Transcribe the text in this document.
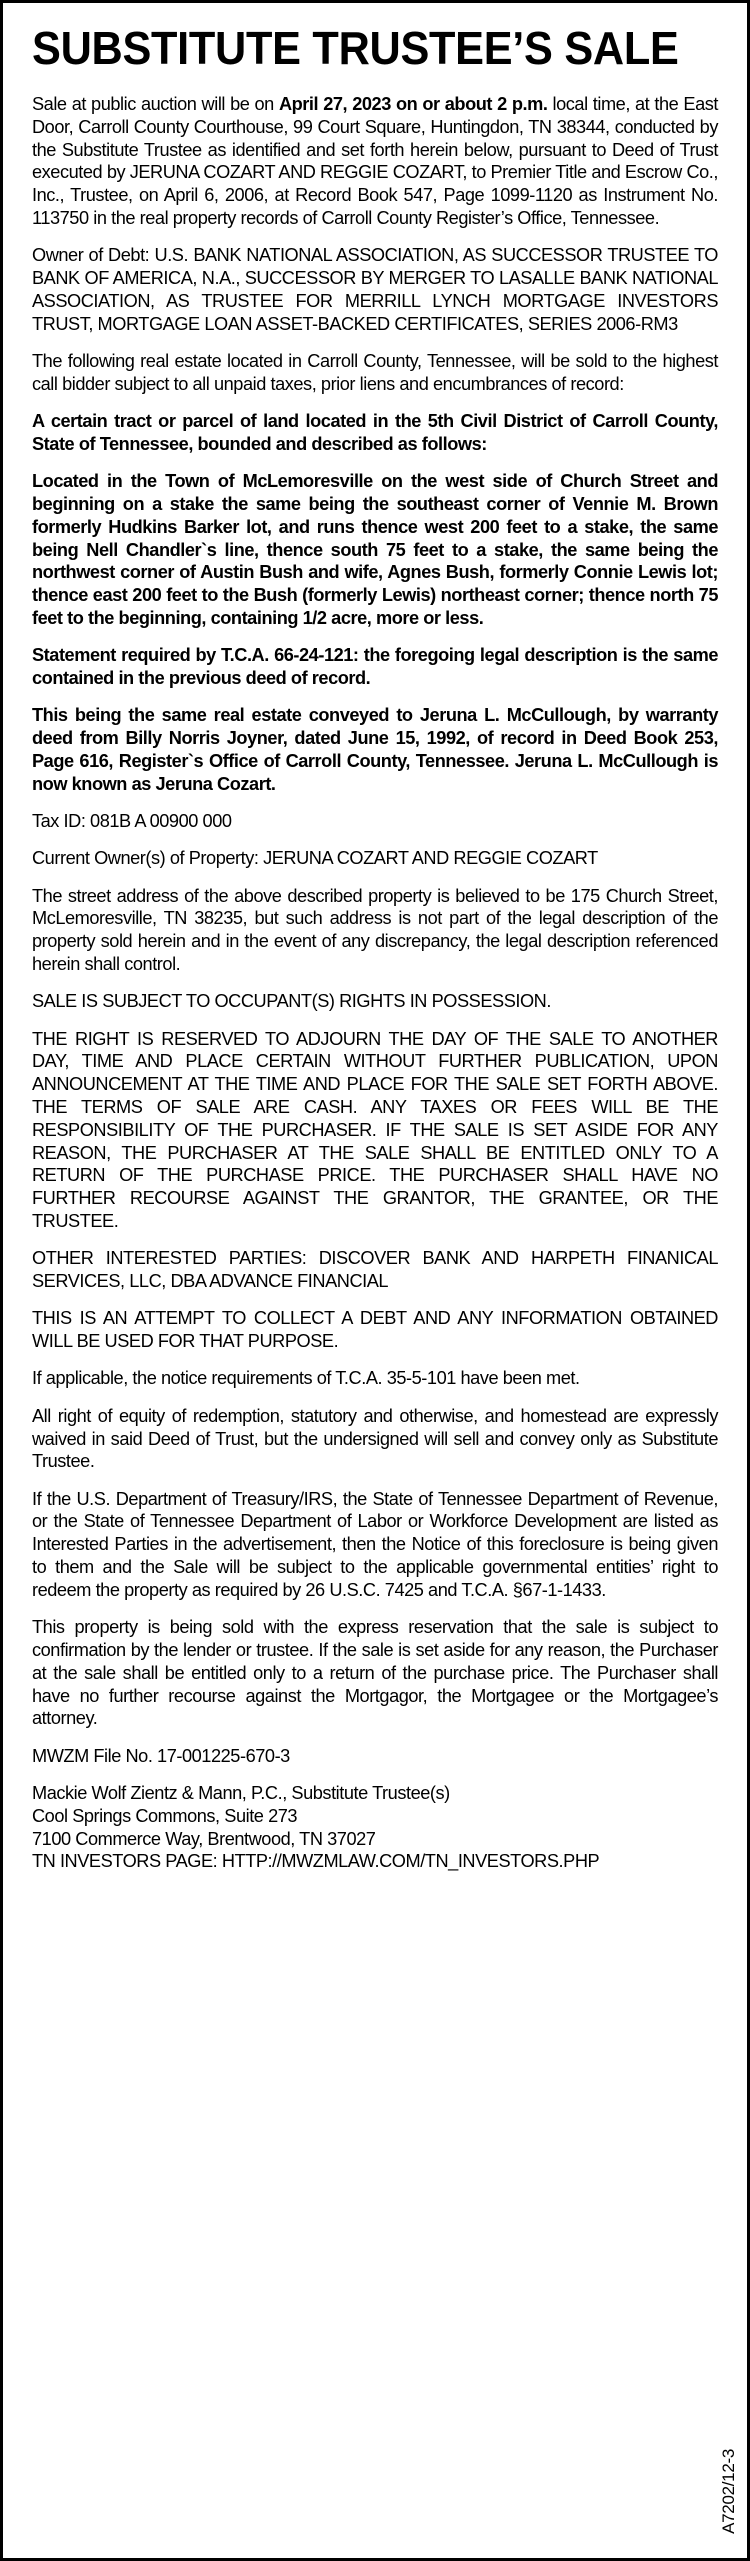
SUBSTITUTE TRUSTEE’S SALE

Sale at public auction will be on April 27, 2023 on or about 2 p.m. local time, at the East Door, Carroll County Courthouse, 99 Court Square, Huntingdon, TN 38344, conducted by the Substitute Trustee as identified and set forth herein below, pursuant to Deed of Trust executed by JERUNA COZART AND REGGIE COZART, to Premier Title and Escrow Co., Inc., Trustee, on April 6, 2006, at Record Book 547, Page 1099-1120 as Instrument No. 113750 in the real property records of Carroll County Register’s Office, Tennessee.

Owner of Debt: U.S. BANK NATIONAL ASSOCIATION, AS SUCCESSOR TRUSTEE TO BANK OF AMERICA, N.A., SUCCESSOR BY MERGER TO LASALLE BANK NATIONAL ASSOCIATION, AS TRUSTEE FOR MERRILL LYNCH MORTGAGE INVESTORS TRUST, MORTGAGE LOAN ASSET-BACKED CERTIFICATES, SERIES 2006-RM3

The following real estate located in Carroll County, Tennessee, will be sold to the highest call bidder subject to all unpaid taxes, prior liens and encumbrances of record:

A certain tract or parcel of land located in the 5th Civil District of Carroll County, State of Tennessee, bounded and described as follows:

Located in the Town of McLemoresville on the west side of Church Street and beginning on a stake the same being the southeast corner of Vennie M. Brown formerly Hudkins Barker lot, and runs thence west 200 feet to a stake, the same being Nell Chandler`s line, thence south 75 feet to a stake, the same being the northwest corner of Austin Bush and wife, Agnes Bush, formerly Connie Lewis lot; thence east 200 feet to the Bush (formerly Lewis) northeast corner; thence north 75 feet to the beginning, containing 1/2 acre, more or less.

Statement required by T.C.A. 66-24-121: the foregoing legal description is the same contained in the previous deed of record.

This being the same real estate conveyed to Jeruna L. McCullough, by warranty deed from Billy Norris Joyner, dated June 15, 1992, of record in Deed Book 253, Page 616, Register`s Office of Carroll County, Tennessee. Jeruna L. McCullough is now known as Jeruna Cozart.

Tax ID: 081B A 00900 000

Current Owner(s) of Property: JERUNA COZART AND REGGIE COZART

The street address of the above described property is believed to be 175 Church Street, McLemoresville, TN 38235, but such address is not part of the legal description of the property sold herein and in the event of any discrepancy, the legal description referenced herein shall control.

SALE IS SUBJECT TO OCCUPANT(S) RIGHTS IN POSSESSION.

THE RIGHT IS RESERVED TO ADJOURN THE DAY OF THE SALE TO ANOTHER DAY, TIME AND PLACE CERTAIN WITHOUT FURTHER PUBLICATION, UPON ANNOUNCEMENT AT THE TIME AND PLACE FOR THE SALE SET FORTH ABOVE. THE TERMS OF SALE ARE CASH. ANY TAXES OR FEES WILL BE THE RESPONSIBILITY OF THE PURCHASER. IF THE SALE IS SET ASIDE FOR ANY REASON, THE PURCHASER AT THE SALE SHALL BE ENTITLED ONLY TO A RETURN OF THE PURCHASE PRICE. THE PURCHASER SHALL HAVE NO FURTHER RECOURSE AGAINST THE GRANTOR, THE GRANTEE, OR THE TRUSTEE.

OTHER INTERESTED PARTIES: DISCOVER BANK AND HARPETH FINANICAL SERVICES, LLC, DBA ADVANCE FINANCIAL

THIS IS AN ATTEMPT TO COLLECT A DEBT AND ANY INFORMATION OBTAINED WILL BE USED FOR THAT PURPOSE.

If applicable, the notice requirements of T.C.A. 35-5-101 have been met.

All right of equity of redemption, statutory and otherwise, and homestead are expressly waived in said Deed of Trust, but the undersigned will sell and convey only as Substitute Trustee.

If the U.S. Department of Treasury/IRS, the State of Tennessee Department of Revenue, or the State of Tennessee Department of Labor or Workforce Development are listed as Interested Parties in the advertisement, then the Notice of this foreclosure is being given to them and the Sale will be subject to the applicable governmental entities’ right to redeem the property as required by 26 U.S.C. 7425 and T.C.A. §67-1-1433.

This property is being sold with the express reservation that the sale is subject to confirmation by the lender or trustee. If the sale is set aside for any reason, the Purchaser at the sale shall be entitled only to a return of the purchase price. The Purchaser shall have no further recourse against the Mortgagor, the Mortgagee or the Mortgagee’s attorney.

MWZM File No. 17-001225-670-3

Mackie Wolf Zientz & Mann, P.C., Substitute Trustee(s)

Cool Springs Commons, Suite 273

7100 Commerce Way, Brentwood, TN 37027

TN INVESTORS PAGE: HTTP://MWZMLAW.COM/TN_INVESTORS.PHP

A7202/12-3
